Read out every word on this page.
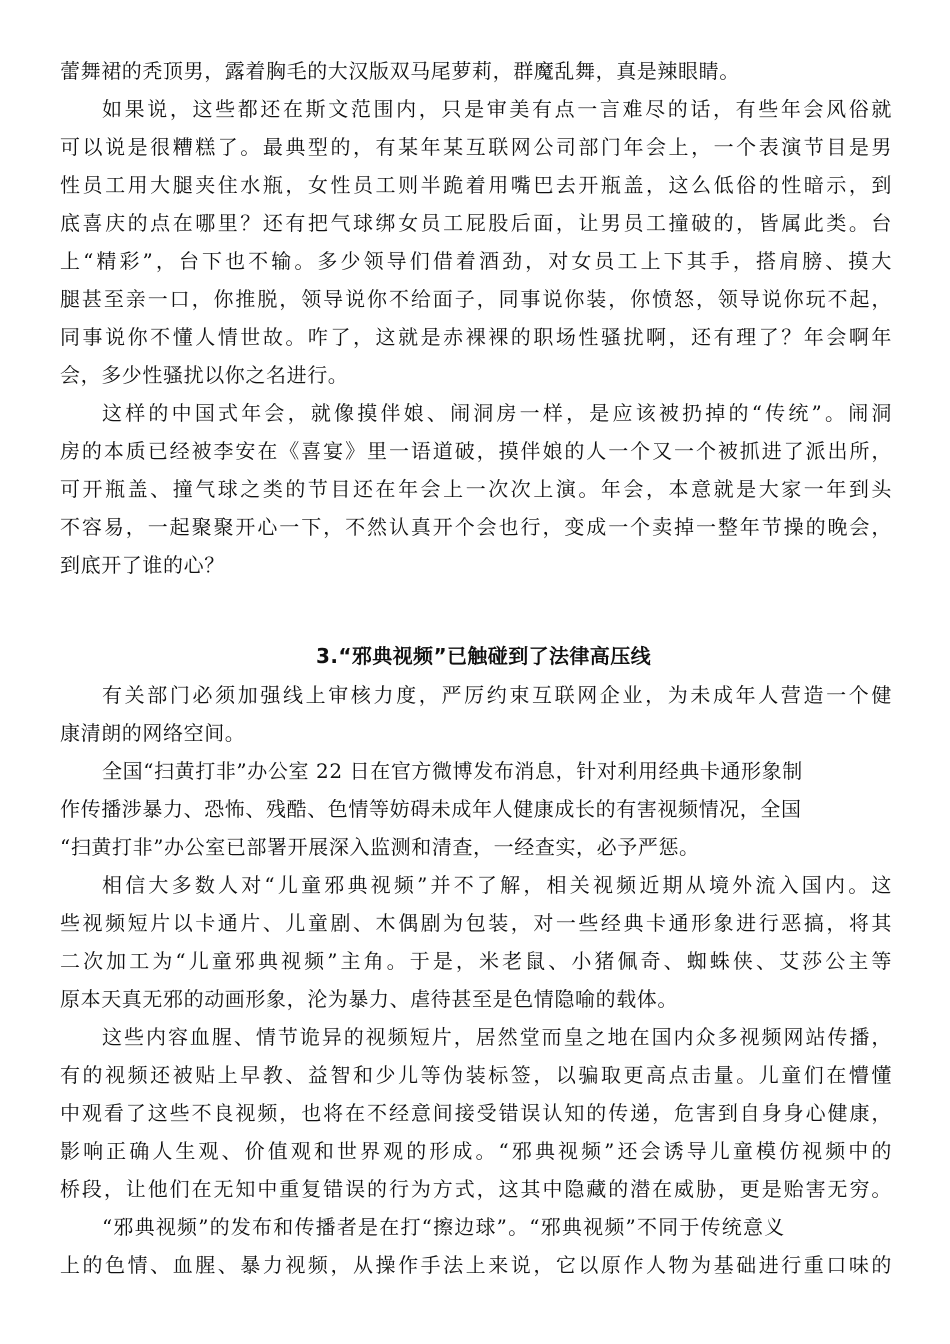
蕾舞裙的秃顶男，露着胸毛的大汉版双马尾萝莉，群魔乱舞，真是辣眼睛。
如果说，这些都还在斯文范围内，只是审美有点一言难尽的话，有些年会风俗就
可以说是很糟糕了。最典型的，有某年某互联网公司部门年会上，一个表演节目是男
性员工用大腿夹住水瓶，女性员工则半跪着用嘴巴去开瓶盖，这么低俗的性暗示，到
底喜庆的点在哪里？还有把气球绑女员工屁股后面，让男员工撞破的，皆属此类。台
上“精彩”，台下也不输。多少领导们借着酒劲，对女员工上下其手，搭肩膀、摸大
腿甚至亲一口，你推脱，领导说你不给面子，同事说你装，你愤怒，领导说你玩不起，
同事说你不懂人情世故。咋了，这就是赤裸裸的职场性骚扰啊，还有理了？年会啊年
会，多少性骚扰以你之名进行。
这样的中国式年会，就像摸伴娘、闹洞房一样，是应该被扔掉的“传统”。闹洞
房的本质已经被李安在《喜宴》里一语道破，摸伴娘的人一个又一个被抓进了派出所，
可开瓶盖、撞气球之类的节目还在年会上一次次上演。年会，本意就是大家一年到头
不容易，一起聚聚开心一下，不然认真开个会也行，变成一个卖掉一整年节操的晚会，
到底开了谁的心？
3.“邪典视频”已触碰到了法律高压线
有关部门必须加强线上审核力度，严厉约束互联网企业，为未成年人营造一个健
康清朗的网络空间。
全国“扫黄打非”办公室 22 日在官方微博发布消息，针对利用经典卡通形象制
作传播涉暴力、恐怖、残酷、色情等妨碍未成年人健康成长的有害视频情况，全国
“扫黄打非”办公室已部署开展深入监测和清查，一经查实，必予严惩。
相信大多数人对“儿童邪典视频”并不了解，相关视频近期从境外流入国内。这
些视频短片以卡通片、儿童剧、木偶剧为包装，对一些经典卡通形象进行恶搞，将其
二次加工为“儿童邪典视频”主角。于是，米老鼠、小猪佩奇、蜘蛛侠、艾莎公主等
原本天真无邪的动画形象，沦为暴力、虐待甚至是色情隐喻的载体。
这些内容血腥、情节诡异的视频短片，居然堂而皇之地在国内众多视频网站传播，
有的视频还被贴上早教、益智和少儿等伪装标签，以骗取更高点击量。儿童们在懵懂
中观看了这些不良视频，也将在不经意间接受错误认知的传递，危害到自身身心健康，
影响正确人生观、价值观和世界观的形成。“邪典视频”还会诱导儿童模仿视频中的
桥段，让他们在无知中重复错误的行为方式，这其中隐藏的潜在威胁，更是贻害无穷。
“邪典视频”的发布和传播者是在打“擦边球”。“邪典视频”不同于传统意义
上的色情、血腥、暴力视频，从操作手法上来说，它以原作人物为基础进行重口味的
